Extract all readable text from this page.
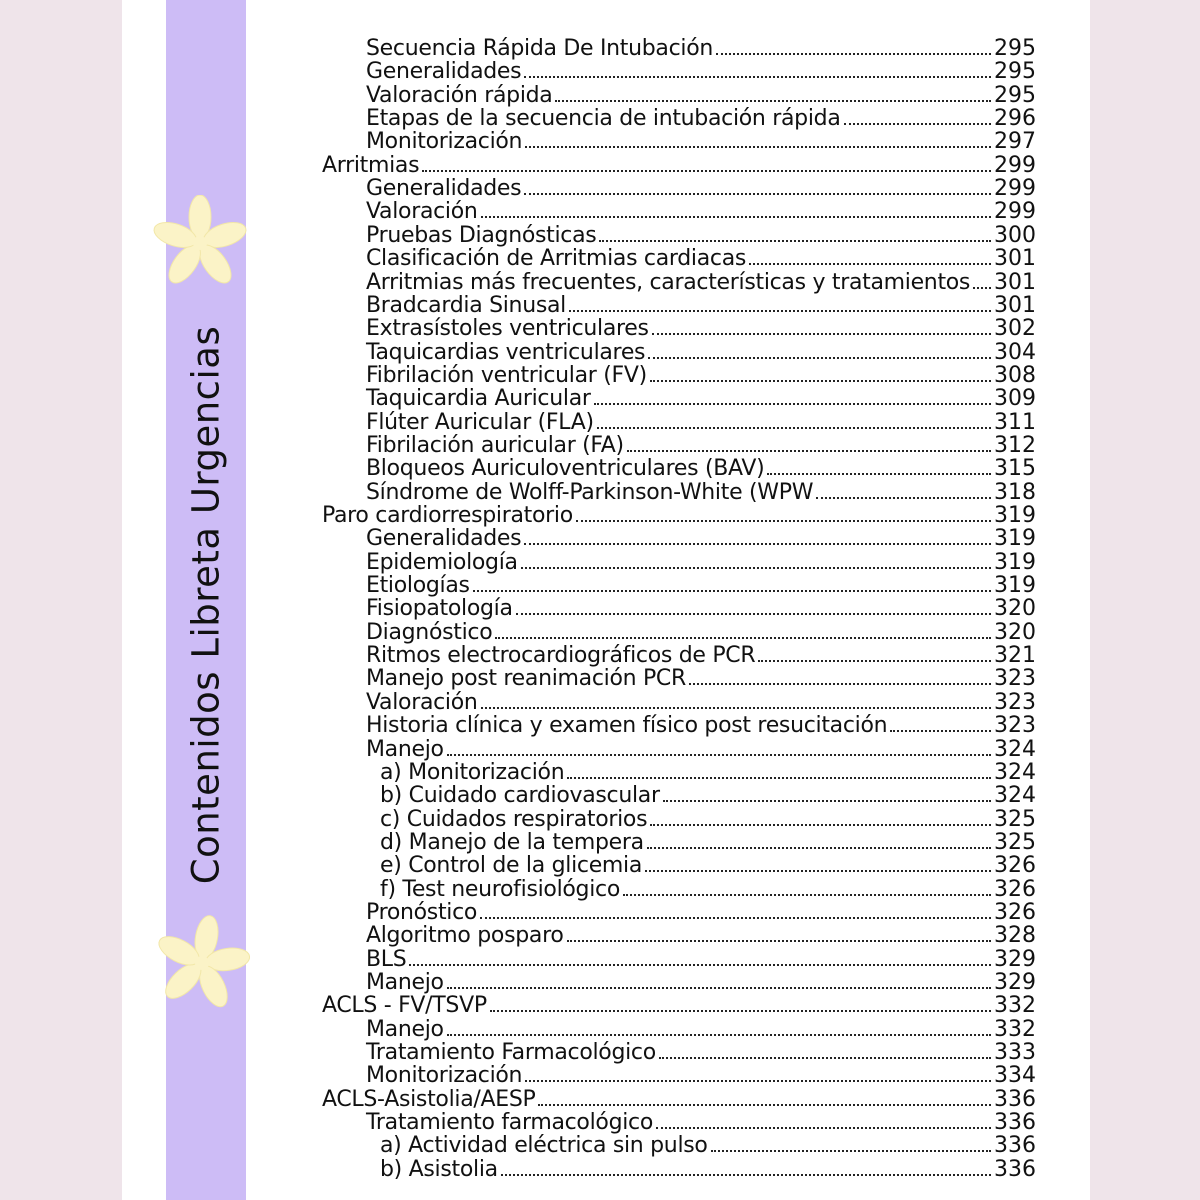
Contenidos Libreta Urgencias
Secuencia Rápida De Intubación	295
Generalidades	295
Valoración rápida	295
Etapas de la secuencia de intubación rápida	296
Monitorización	297
Arritmias	299
Generalidades	299
Valoración	299
Pruebas Diagnósticas	300
Clasificación de Arritmias cardiacas	301
Arritmias más frecuentes, características y tratamientos 301
Bradcardia Sinusal	301
Extrasístoles ventriculares	302
Taquicardias ventriculares	304
Fibrilación ventricular (FV)	308
Taquicardia Auricular	309
Flúter Auricular (FLA)	311
Fibrilación auricular (FA)	312
Bloqueos Auriculoventriculares (BAV)	315
Síndrome de Wolff-Parkinson-White (WPW	318
Paro cardiorrespiratorio	319
Generalidades	319
Epidemiología	319
Etiologías	319
Fisiopatología	320
Diagnóstico	320
Ritmos electrocardiográficos de PCR	321
Manejo post reanimación PCR	323
Valoración	323
Historia clínica y examen físico post resucitación	323
Manejo	324
a) Monitorización	324
b) Cuidado cardiovascular	324
c) Cuidados respiratorios	325
d) Manejo de la tempera	325
e) Control de la glicemia	326
f) Test neurofisiológico	326
Pronóstico	326
Algoritmo posparo	328
BLS	329
Manejo	329
ACLS - FV/TSVP	332
Manejo	332
Tratamiento Farmacológico	333
Monitorización	334
ACLS-Asistolia/AESP	336
Tratamiento farmacológico	336
a) Actividad eléctrica sin pulso	336
b) Asistolia	336
